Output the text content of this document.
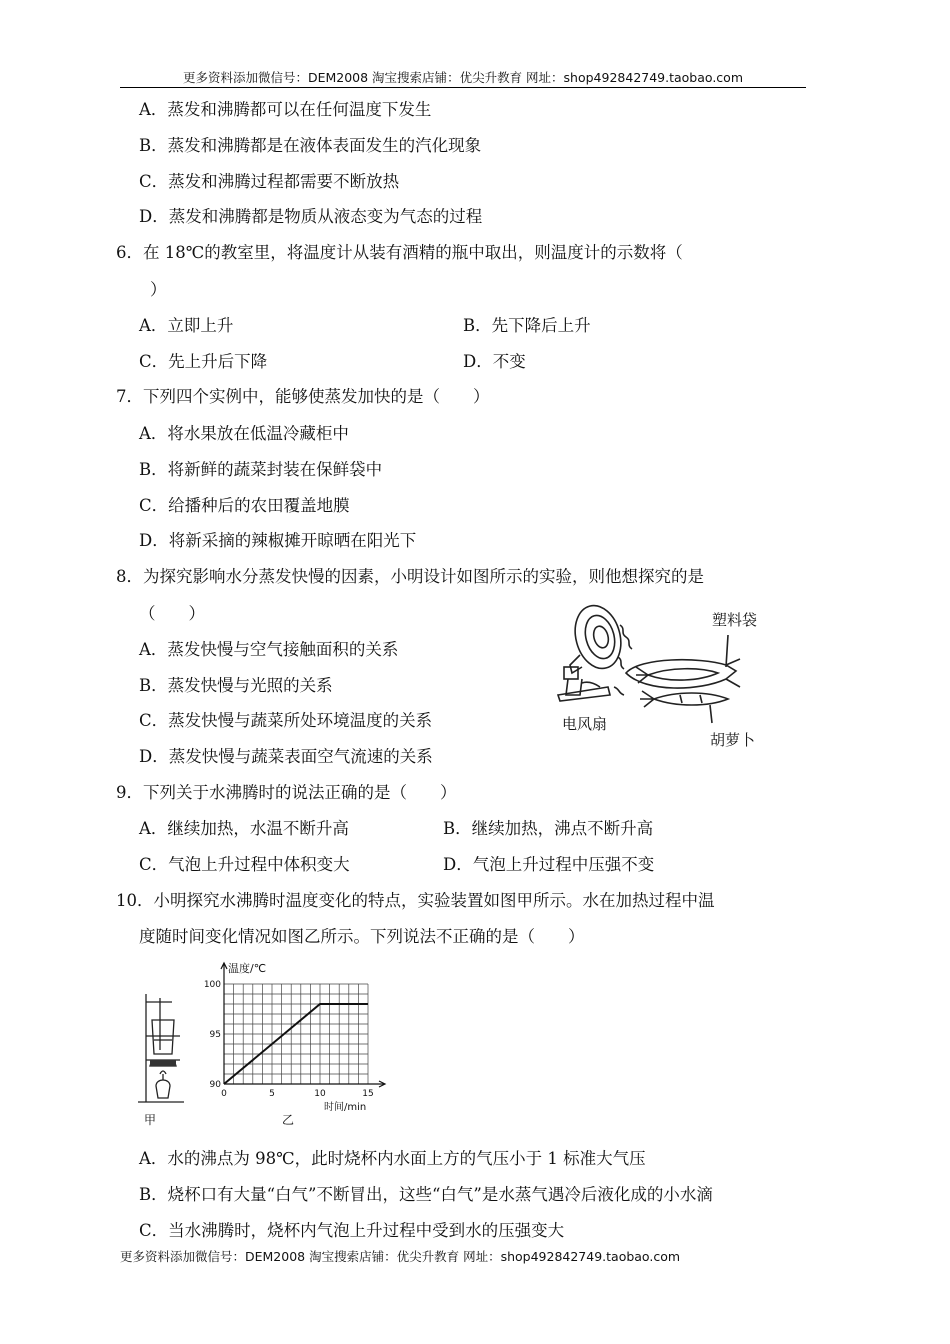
更多资料添加微信号：DEM2008 淘宝搜索店铺：优尖升教育 网址：shop492842749.taobao.com
A．蒸发和沸腾都可以在任何温度下发生
B．蒸发和沸腾都是在液体表面发生的汽化现象
C．蒸发和沸腾过程都需要不断放热
D．蒸发和沸腾都是物质从液态变为气态的过程
6．在 18℃的教室里，将温度计从装有酒精的瓶中取出，则温度计的示数将（
）
A．立即上升	B．先下降后上升
C．先上升后下降	D．不变
7．下列四个实例中，能够使蒸发加快的是（　　）
A．将水果放在低温冷藏柜中
B．将新鲜的蔬菜封装在保鲜袋中
C．给播种后的农田覆盖地膜
D．将新采摘的辣椒摊开晾晒在阳光下
8．为探究影响水分蒸发快慢的因素，小明设计如图所示的实验，则他想探究的是
（　　）
A．蒸发快慢与空气接触面积的关系
B．蒸发快慢与光照的关系
C．蒸发快慢与蔬菜所处环境温度的关系
D．蒸发快慢与蔬菜表面空气流速的关系
塑料袋
电风扇
胡萝卜
9．下列关于水沸腾时的说法正确的是（　　）
A．继续加热，水温不断升高	B．继续加热，沸点不断升高
C．气泡上升过程中体积变大	D．气泡上升过程中压强不变
10．小明探究水沸腾时温度变化的特点，实验装置如图甲所示。水在加热过程中温
度随时间变化情况如图乙所示。下列说法不正确的是（　　）
甲
0	5	10	15
90
95
100
温度/℃
时间/min
乙
A．水的沸点为 98℃，此时烧杯内水面上方的气压小于 1 标准大气压
B．烧杯口有大量“白气”不断冒出，这些“白气”是水蒸气遇冷后液化成的小水滴
C．当水沸腾时，烧杯内气泡上升过程中受到水的压强变大
更多资料添加微信号：DEM2008 淘宝搜索店铺：优尖升教育 网址：shop492842749.taobao.com
